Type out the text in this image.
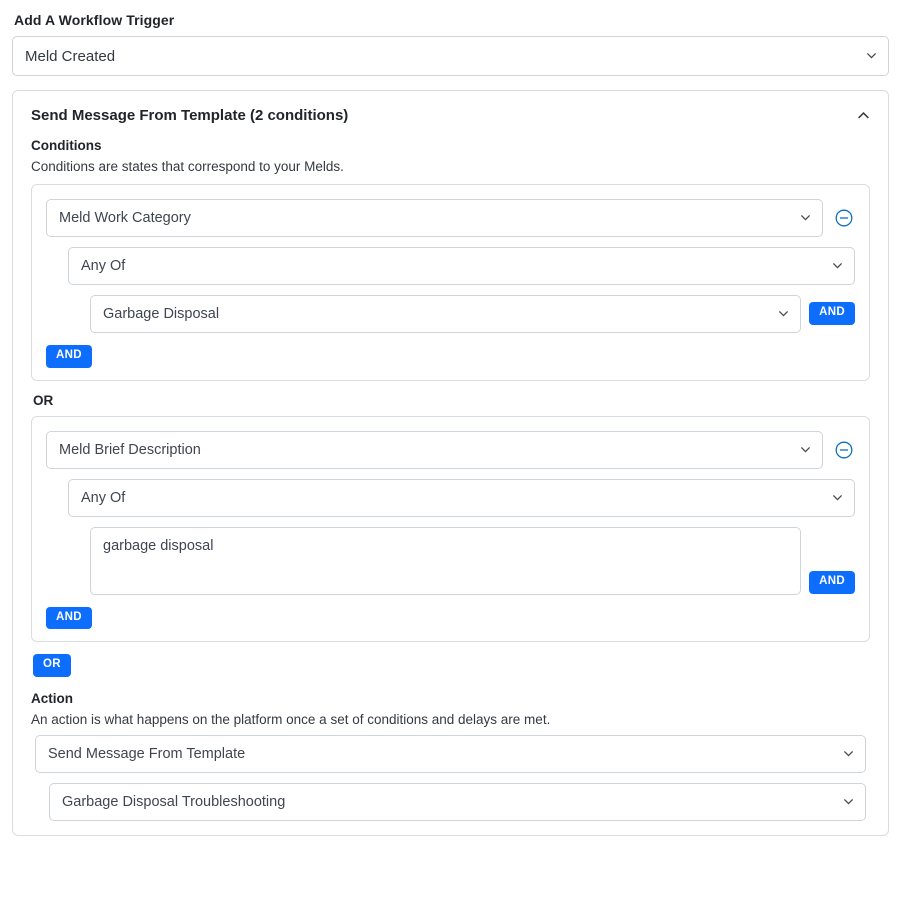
Add A Workflow Trigger
Meld Created
Send Message From Template (2 conditions)
Conditions
Conditions are states that correspond to your Melds.
Meld Work Category
Any Of
Garbage Disposal	AND
AND
OR
Meld Brief Description
Any Of
garbage disposal
AND
AND
OR
Action
An action is what happens on the platform once a set of conditions and delays are met.
Send Message From Template
Garbage Disposal Troubleshooting
